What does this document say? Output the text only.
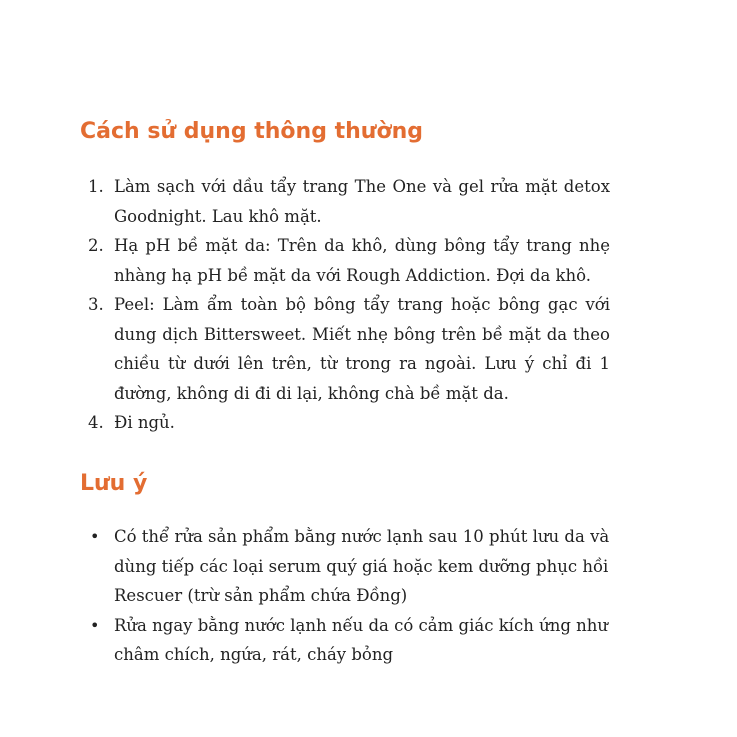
Cách sử dụng thông thường
1. Làm sạch với dầu tẩy trang The One và gel rửa mặt detox Goodnight. Lau khô mặt.
2. Hạ pH bề mặt da: Trên da khô, dùng bông tẩy trang nhẹ nhàng hạ pH bề mặt da với Rough Addiction. Đợi da khô.
3. Peel: Làm ẩm toàn bộ bông tẩy trang hoặc bông gạc với dung dịch Bittersweet. Miết nhẹ bông trên bề mặt da theo chiều từ dưới lên trên, từ trong ra ngoài. Lưu ý chỉ đi 1 đường, không di đi di lại, không chà bề mặt da.
4. Đi ngủ.
Lưu ý
• Có thể rửa sản phẩm bằng nước lạnh sau 10 phút lưu da và dùng tiếp các loại serum quý giá hoặc kem dưỡng phục hồi Rescuer (trừ sản phẩm chứa Đồng)
• Rửa ngay bằng nước lạnh nếu da có cảm giác kích ứng như châm chích, ngứa, rát, cháy bỏng
